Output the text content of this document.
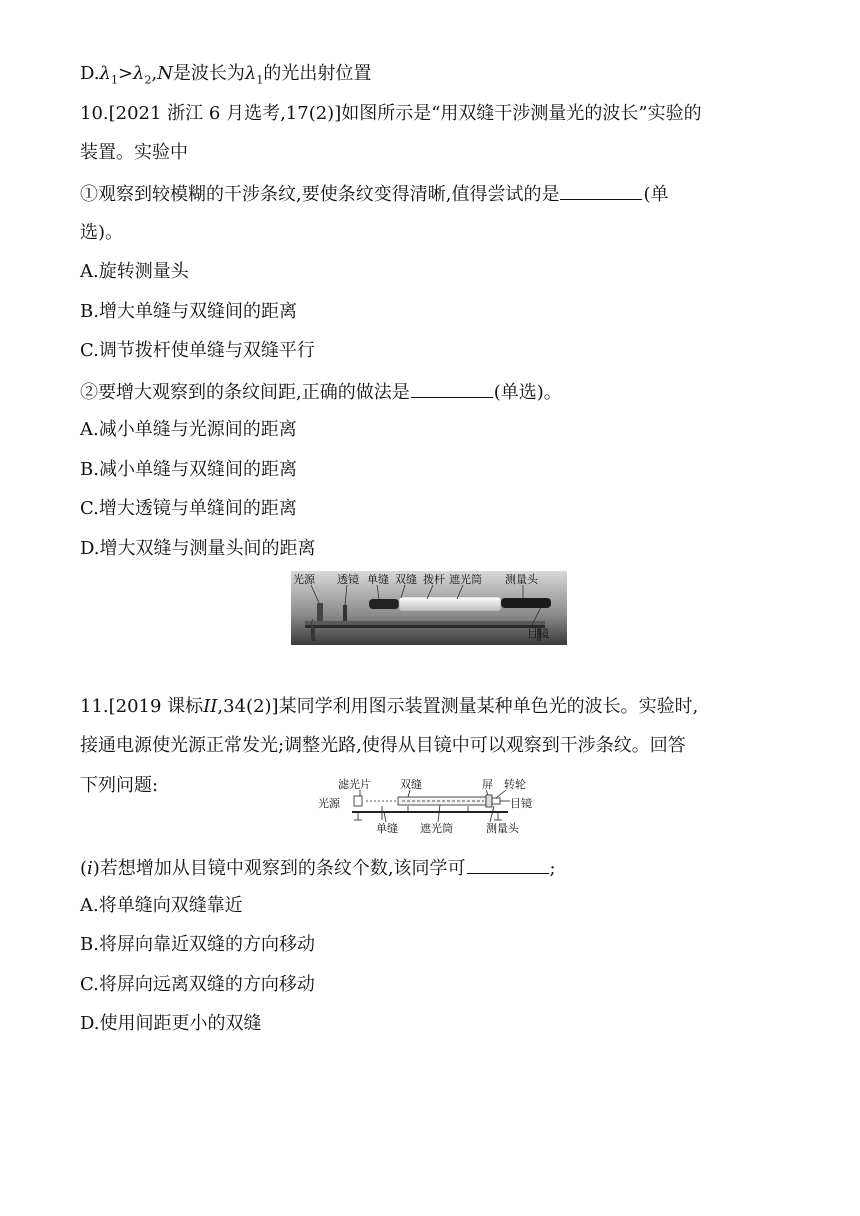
$D.\lambda_1>\lambda_2,N$是波长为$\lambda_1$的光出射位置
10.[2021 浙江 6 月选考,17(2)]如图所示是“用双缝干涉测量光的波长”实验的
装置。实验中
①观察到较模糊的干涉条纹,要使条纹变得清晰,值得尝试的是	(单
选)。
A.旋转测量头
B.增大单缝与双缝间的距离
C.调节拨杆使单缝与双缝平行
②要增大观察到的条纹间距,正确的做法是	(单选)。
A.减小单缝与光源间的距离
B.减小单缝与双缝间的距离
C.增大透镜与单缝间的距离
D.增大双缝与测量头间的距离
光源 透镜 单缝 双缝 拨杆 遮光筒 测量头
目镜
11.[2019 课标II,34(2)]某同学利用图示装置测量某种单色光的波长。实验时,
接通电源使光源正常发光;调整光路,使得从目镜中可以观察到干涉条纹。回答
下列问题:	滤光片	双缝	屏 转轮
光源	目镜
单缝 遮光筒	测量头
(i)若想增加从目镜中观察到的条纹个数,该同学可	;
A.将单缝向双缝靠近
B.将屏向靠近双缝的方向移动
C.将屏向远离双缝的方向移动
D.使用间距更小的双缝
